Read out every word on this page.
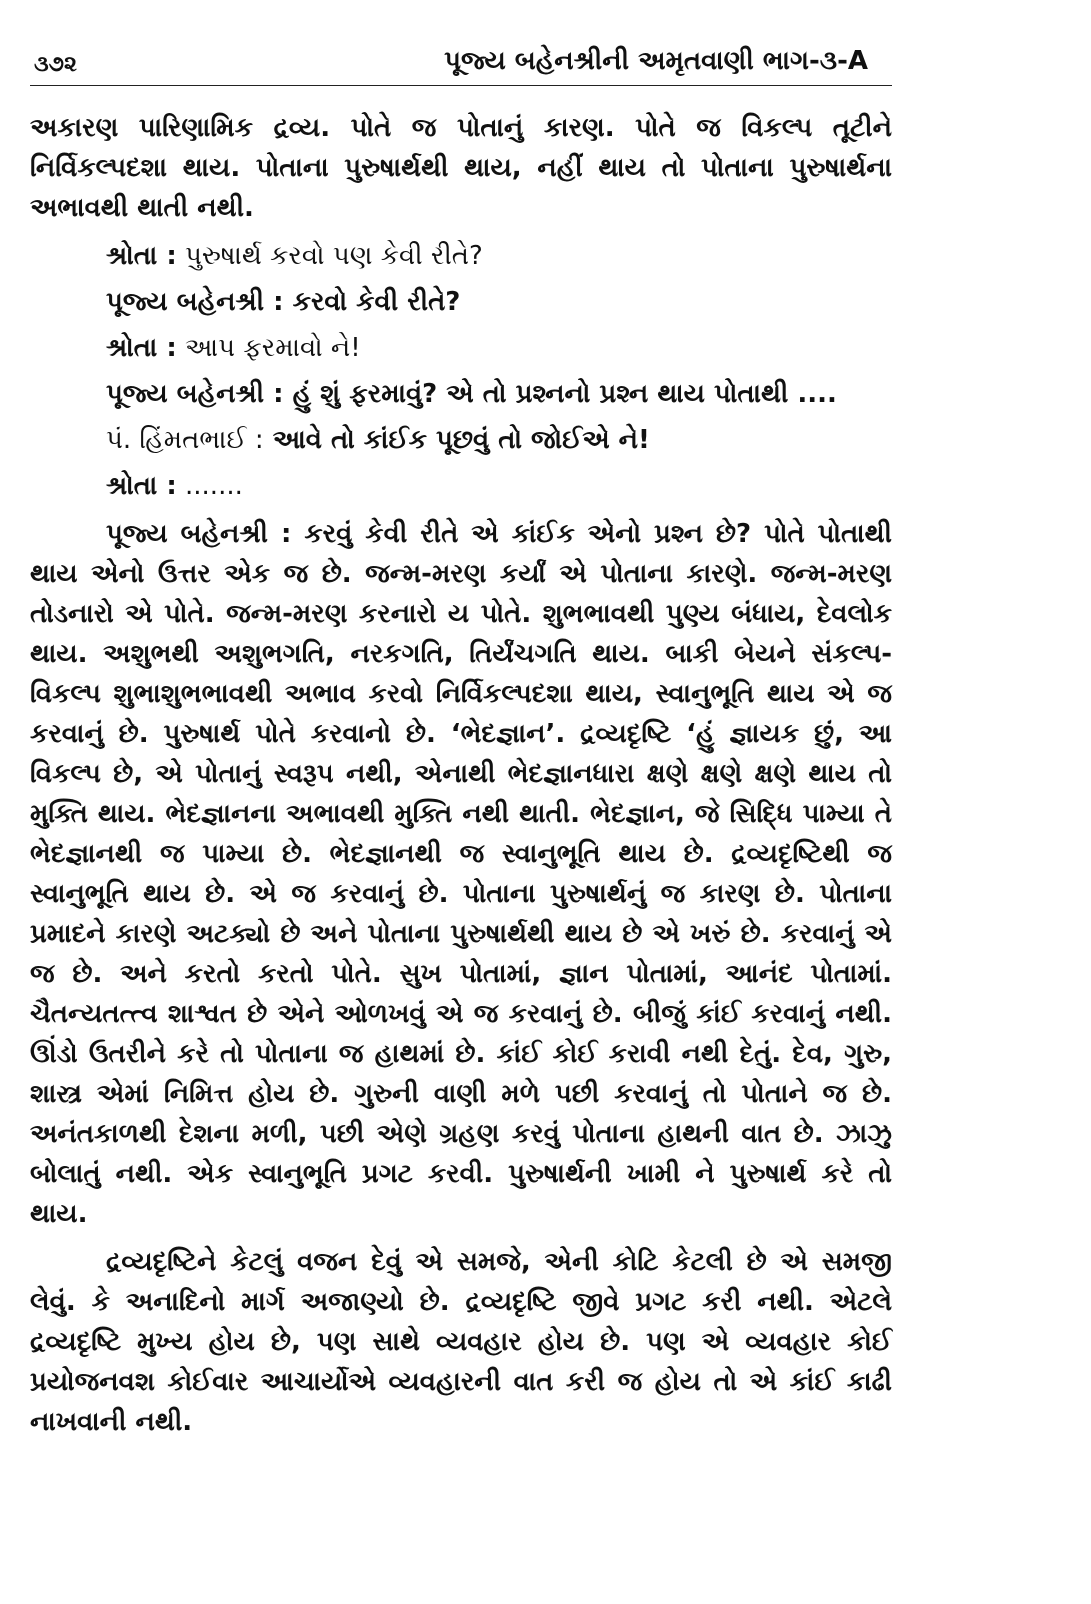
૩૭૨	પૂજ્ય બહેનશ્રીની અમૃતવાણી ભાગ-૩-A

અકારણ પારિણામિક દ્રવ્ય. પોતે જ પોતાનું કારણ. પોતે જ વિકલ્પ તૂટીને નિર્વિકલ્પદશા થાય. પોતાના પુરુષાર્થથી થાય, નહીં થાય તો પોતાના પુરુષાર્થના અભાવથી થાતી નથી.

શ્રોતા : પુરુષાર્થ કરવો પણ કેવી રીતે?

પૂજ્ય બહેનશ્રી : કરવો કેવી રીતે?

શ્રોતા : આપ ફરમાવો ને!

પૂજ્ય બહેનશ્રી : હું શું ફરમાવું? એ તો પ્રશ્નનો પ્રશ્ન થાય પોતાથી ....

પં. હિંમતભાઈ : આવે તો કાંઈક પૂછવું તો જોઈએ ને!

શ્રોતા : .......

પૂજ્ય બહેનશ્રી : કરવું કેવી રીતે એ કાંઈક એનો પ્રશ્ન છે? પોતે પોતાથી થાય એનો ઉત્તર એક જ છે. જન્મ-મરણ કર્યાં એ પોતાના કારણે. જન્મ-મરણ તોડનારો એ પોતે. જન્મ-મરણ કરનારો ય પોતે. શુભભાવથી પુણ્ય બંધાય, દેવલોક થાય. અશુભથી અશુભગતિ, નરકગતિ, તિર્યંચગતિ થાય. બાકી બેયને સંકલ્પ-વિકલ્પ શુભાશુભભાવથી અભાવ કરવો નિર્વિકલ્પદશા થાય, સ્વાનુભૂતિ થાય એ જ કરવાનું છે. પુરુષાર્થ પોતે કરવાનો છે. ‘ભેદજ્ઞાન’. દ્રવ્યદૃષ્ટિ ‘હું જ્ઞાયક છું, આ વિકલ્પ છે, એ પોતાનું સ્વરૂપ નથી, એનાથી ભેદજ્ઞાનધારા ક્ષણે ક્ષણે ક્ષણે થાય તો મુક્તિ થાય. ભેદજ્ઞાનના અભાવથી મુક્તિ નથી થાતી. ભેદજ્ઞાન, જે સિદ્ધિ પામ્યા તે ભેદજ્ઞાનથી જ પામ્યા છે. ભેદજ્ઞાનથી જ સ્વાનુભૂતિ થાય છે. દ્રવ્યદૃષ્ટિથી જ સ્વાનુભૂતિ થાય છે. એ જ કરવાનું છે. પોતાના પુરુષાર્થનું જ કારણ છે. પોતાના પ્રમાદને કારણે અટક્યો છે અને પોતાના પુરુષાર્થથી થાય છે એ ખરું છે. કરવાનું એ જ છે. અને કરતો કરતો પોતે. સુખ પોતામાં, જ્ઞાન પોતામાં, આનંદ પોતામાં. ચૈતન્યતત્ત્વ શાશ્વત છે એને ઓળખવું એ જ કરવાનું છે. બીજું કાંઈ કરવાનું નથી. ઊંડો ઉતરીને કરે તો પોતાના જ હાથમાં છે. કાંઈ કોઈ કરાવી નથી દેતું. દેવ, ગુરુ, શાસ્ત્ર એમાં નિમિત્ત હોય છે. ગુરુની વાણી મળે પછી કરવાનું તો પોતાને જ છે. અનંતકાળથી દેશના મળી, પછી એણે ગ્રહણ કરવું પોતાના હાથની વાત છે. ઝાઝુ બોલાતું નથી. એક સ્વાનુભૂતિ પ્રગટ કરવી. પુરુષાર્થની ખામી ને પુરુષાર્થ કરે તો થાય.

દ્રવ્યદૃષ્ટિને કેટલું વજન દેવું એ સમજે, એની કોટિ કેટલી છે એ સમજી લેવું. કે અનાદિનો માર્ગ અજાણ્યો છે. દ્રવ્યદૃષ્ટિ જીવે પ્રગટ કરી નથી. એટલે દ્રવ્યદૃષ્ટિ મુખ્ય હોય છે, પણ સાથે વ્યવહાર હોય છે. પણ એ વ્યવહાર કોઈ પ્રયોજનવશ કોઈવાર આચાર્યોએ વ્યવહારની વાત કરી જ હોય તો એ કાંઈ કાઢી નાખવાની નથી.
